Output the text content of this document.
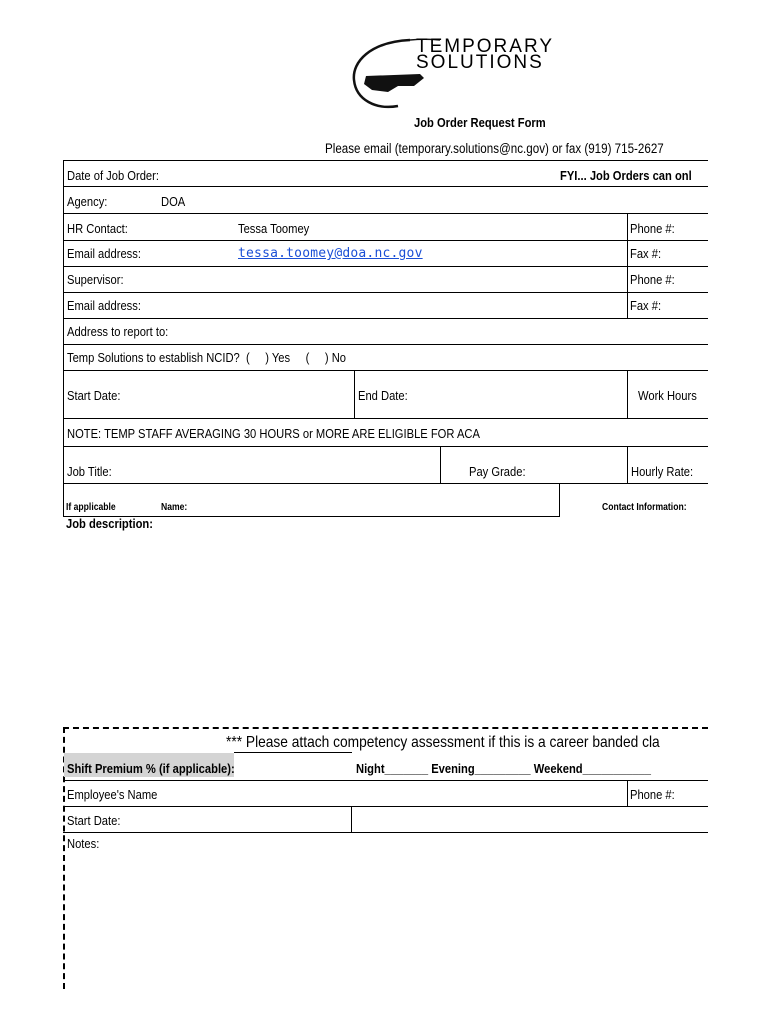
TEMPORARY
SOLUTIONS
Job Order Request Form
Please email (temporary.solutions@nc.gov) or fax (919) 715-2627
Date of Job Order:	FYI... Job Orders can onl
Agency:	DOA
HR Contact:	Tessa Toomey	Phone #:
Email address:	tessa.toomey@doa.nc.gov	Fax #:
Supervisor:	Phone #:
Email address:	Fax #:
Address to report to:
Temp Solutions to establish NCID?  (     ) Yes     (     ) No
Start Date:	End Date:	Work Hours
NOTE: TEMP STAFF AVERAGING 30 HOURS or MORE ARE ELIGIBLE FOR ACA
Job Title:	Pay Grade:	Hourly Rate:
If applicable	Name:	Contact Information:
Job description:
*** Please attach competency assessment if this is a career banded cla
Shift Premium % (if applicable):	Night_______ Evening_________ Weekend___________
Employee's Name	Phone #:
Start Date:
Notes:
